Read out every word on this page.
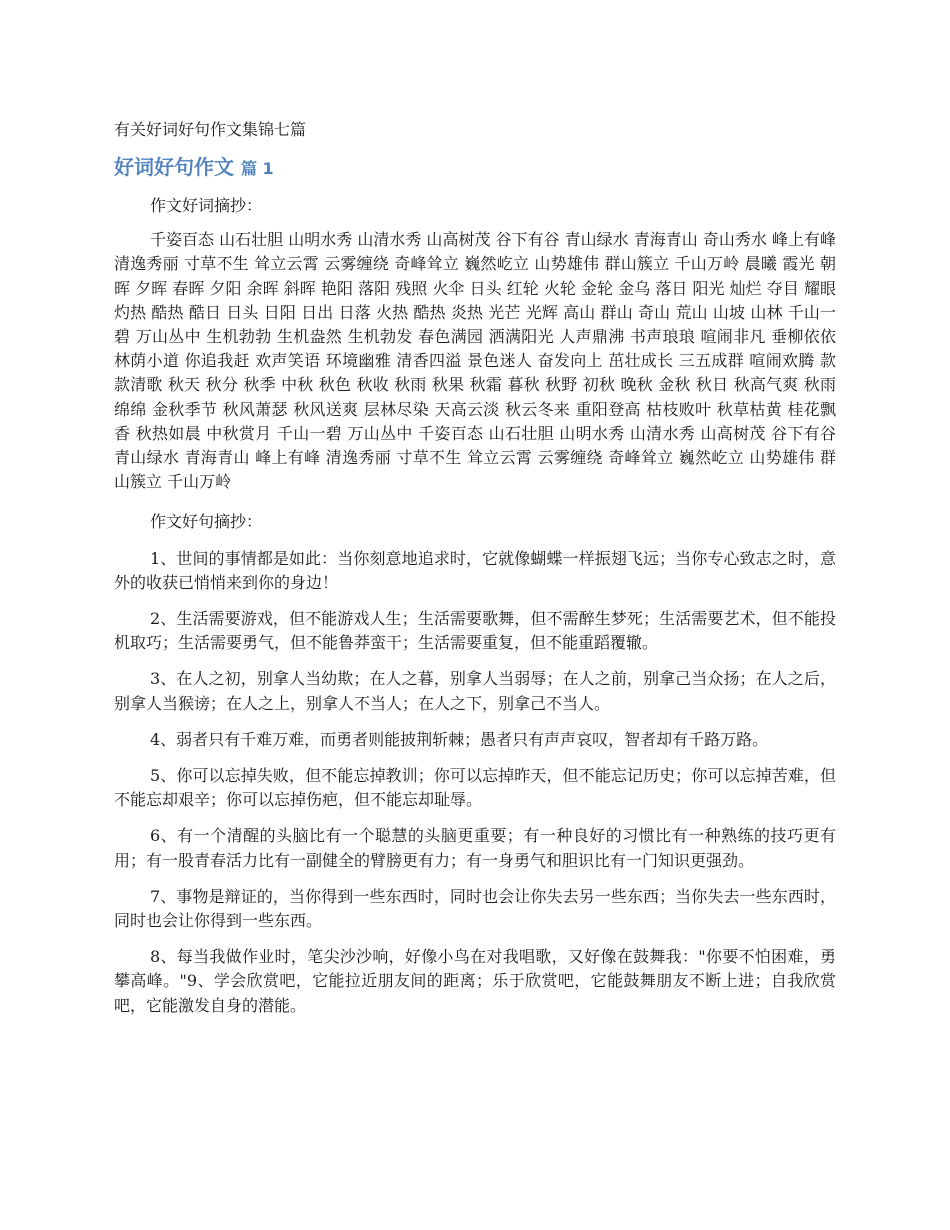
有关好词好句作文集锦七篇
好词好句作文 篇 1

作文好词摘抄：

千姿百态 山石壮胆 山明水秀 山清水秀 山高树茂 谷下有谷 青山绿水 青海青山 奇山秀水 峰上有峰 清逸秀丽 寸草不生 耸立云霄 云雾缠绕 奇峰耸立 巍然屹立 山势雄伟 群山簇立 千山万岭 晨曦 霞光 朝晖 夕晖 春晖 夕阳 余晖 斜晖 艳阳 落阳 残照 火伞 日头 红轮 火轮 金轮 金乌 落日 阳光 灿烂 夺目 耀眼 灼热 酷热 酷日 日头 日阳 日出 日落 火热 酷热 炎热 光芒 光辉 高山 群山 奇山 荒山 山坡 山林 千山一碧 万山丛中 生机勃勃 生机盎然 生机勃发 春色满园 洒满阳光 人声鼎沸 书声琅琅 喧闹非凡 垂柳依依 林荫小道 你追我赶 欢声笑语 环境幽雅 清香四溢 景色迷人 奋发向上 茁壮成长 三五成群 喧闹欢腾 款款清歌 秋天 秋分 秋季 中秋 秋色 秋收 秋雨 秋果 秋霜 暮秋 秋野 初秋 晚秋 金秋 秋日 秋高气爽 秋雨绵绵 金秋季节 秋风萧瑟 秋风送爽 层林尽染 天高云淡 秋云冬来 重阳登高 枯枝败叶 秋草枯黄 桂花飘香 秋热如晨 中秋赏月 千山一碧 万山丛中 千姿百态 山石壮胆 山明水秀 山清水秀 山高树茂 谷下有谷 青山绿水 青海青山 峰上有峰 清逸秀丽 寸草不生 耸立云霄 云雾缠绕 奇峰耸立 巍然屹立 山势雄伟 群山簇立 千山万岭

作文好句摘抄：

1、世间的事情都是如此：当你刻意地追求时，它就像蝴蝶一样振翅飞远；当你专心致志之时，意外的收获已悄悄来到你的身边！

2、生活需要游戏，但不能游戏人生；生活需要歌舞，但不需醉生梦死；生活需要艺术，但不能投机取巧；生活需要勇气，但不能鲁莽蛮干；生活需要重复，但不能重蹈覆辙。

3、在人之初，别拿人当幼欺；在人之暮，别拿人当弱辱；在人之前，别拿己当众扬；在人之后，别拿人当猴谤；在人之上，别拿人不当人；在人之下，别拿己不当人。

4、弱者只有千难万难，而勇者则能披荆斩棘；愚者只有声声哀叹，智者却有千路万路。

5、你可以忘掉失败，但不能忘掉教训；你可以忘掉昨天，但不能忘记历史；你可以忘掉苦难，但不能忘却艰辛；你可以忘掉伤疤，但不能忘却耻辱。

6、有一个清醒的头脑比有一个聪慧的头脑更重要；有一种良好的习惯比有一种熟练的技巧更有用；有一股青春活力比有一副健全的臂膀更有力；有一身勇气和胆识比有一门知识更强劲。

7、事物是辩证的，当你得到一些东西时，同时也会让你失去另一些东西；当你失去一些东西时，同时也会让你得到一些东西。

8、每当我做作业时，笔尖沙沙响，好像小鸟在对我唱歌，又好像在鼓舞我："你要不怕困难，勇攀高峰。"9、学会欣赏吧，它能拉近朋友间的距离；乐于欣赏吧，它能鼓舞朋友不断上进；自我欣赏吧，它能激发自身的潜能。
